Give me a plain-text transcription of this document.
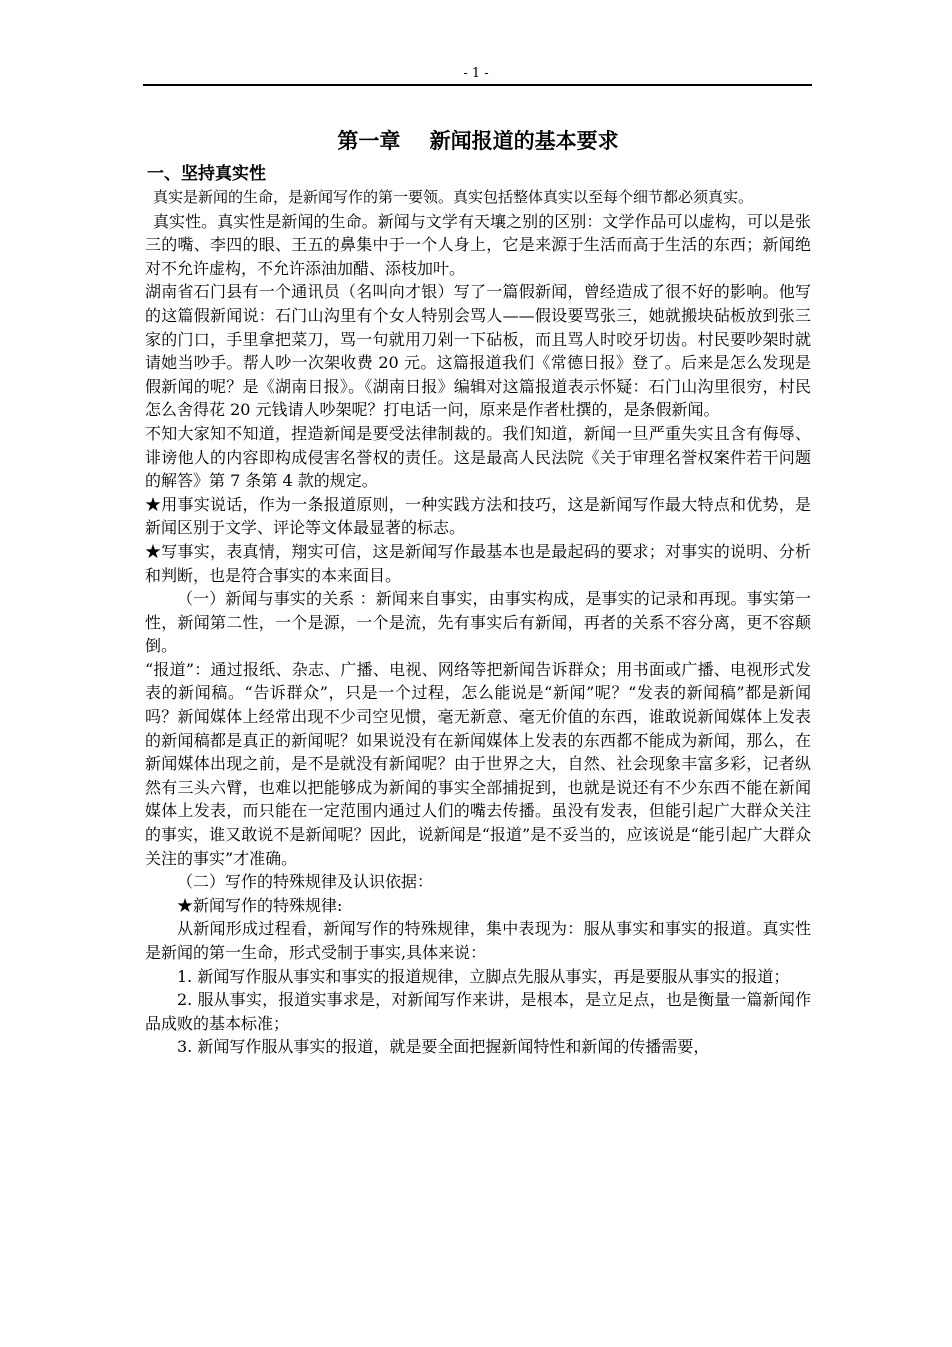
- 1 -
第一章    新闻报道的基本要求
一、坚持真实性

真实是新闻的生命，是新闻写作的第一要领。真实包括整体真实以至每个细节都必须真实。

真实性。真实性是新闻的生命。新闻与文学有天壤之别的区别：文学作品可以虚构，可以是张三的嘴、李四的眼、王五的鼻集中于一个人身上，它是来源于生活而高于生活的东西；新闻绝对不允许虚构，不允许添油加醋、添枝加叶。

湖南省石门县有一个通讯员（名叫向才银）写了一篇假新闻，曾经造成了很不好的影响。他写的这篇假新闻说：石门山沟里有个女人特别会骂人——假设要骂张三，她就搬块砧板放到张三家的门口，手里拿把菜刀，骂一句就用刀剁一下砧板，而且骂人时咬牙切齿。村民要吵架时就请她当吵手。帮人吵一次架收费 20 元。这篇报道我们《常德日报》登了。后来是怎么发现是假新闻的呢？是《湖南日报》。《湖南日报》编辑对这篇报道表示怀疑：石门山沟里很穷，村民怎么舍得花 20 元钱请人吵架呢？打电话一问，原来是作者杜撰的，是条假新闻。

不知大家知不知道，捏造新闻是要受法律制裁的。我们知道，新闻一旦严重失实且含有侮辱、诽谤他人的内容即构成侵害名誉权的责任。这是最高人民法院《关于审理名誉权案件若干问题的解答》第 7 条第 4 款的规定。

★用事实说话，作为一条报道原则，一种实践方法和技巧，这是新闻写作最大特点和优势，是新闻区别于文学、评论等文体最显著的标志。

★写事实，表真情，翔实可信，这是新闻写作最基本也是最起码的要求；对事实的说明、分析和判断，也是符合事实的本来面目。

（一）新闻与事实的关系 ：新闻来自事实，由事实构成，是事实的记录和再现。事实第一性，新闻第二性，一个是源，一个是流，先有事实后有新闻，再者的关系不容分离，更不容颠倒。

“报道”：通过报纸、杂志、广播、电视、网络等把新闻告诉群众；用书面或广播、电视形式发表的新闻稿。“告诉群众”，只是一个过程，怎么能说是“新闻”呢？“发表的新闻稿”都是新闻吗？新闻媒体上经常出现不少司空见惯，毫无新意、毫无价值的东西，谁敢说新闻媒体上发表的新闻稿都是真正的新闻呢？如果说没有在新闻媒体上发表的东西都不能成为新闻，那么，在新闻媒体出现之前，是不是就没有新闻呢？由于世界之大，自然、社会现象丰富多彩，记者纵然有三头六臂，也难以把能够成为新闻的事实全部捕捉到，也就是说还有不少东西不能在新闻媒体上发表，而只能在一定范围内通过人们的嘴去传播。虽没有发表，但能引起广大群众关注的事实，谁又敢说不是新闻呢？因此，说新闻是“报道”是不妥当的，应该说是“能引起广大群众关注的事实”才准确。

（二）写作的特殊规律及认识依据：

★新闻写作的特殊规律:

从新闻形成过程看，新闻写作的特殊规律，集中表现为：服从事实和事实的报道。真实性是新闻的第一生命，形式受制于事实,具体来说：

1. 新闻写作服从事实和事实的报道规律，立脚点先服从事实，再是要服从事实的报道；

2. 服从事实，报道实事求是，对新闻写作来讲，是根本，是立足点，也是衡量一篇新闻作品成败的基本标准；

3. 新闻写作服从事实的报道，就是要全面把握新闻特性和新闻的传播需要，
